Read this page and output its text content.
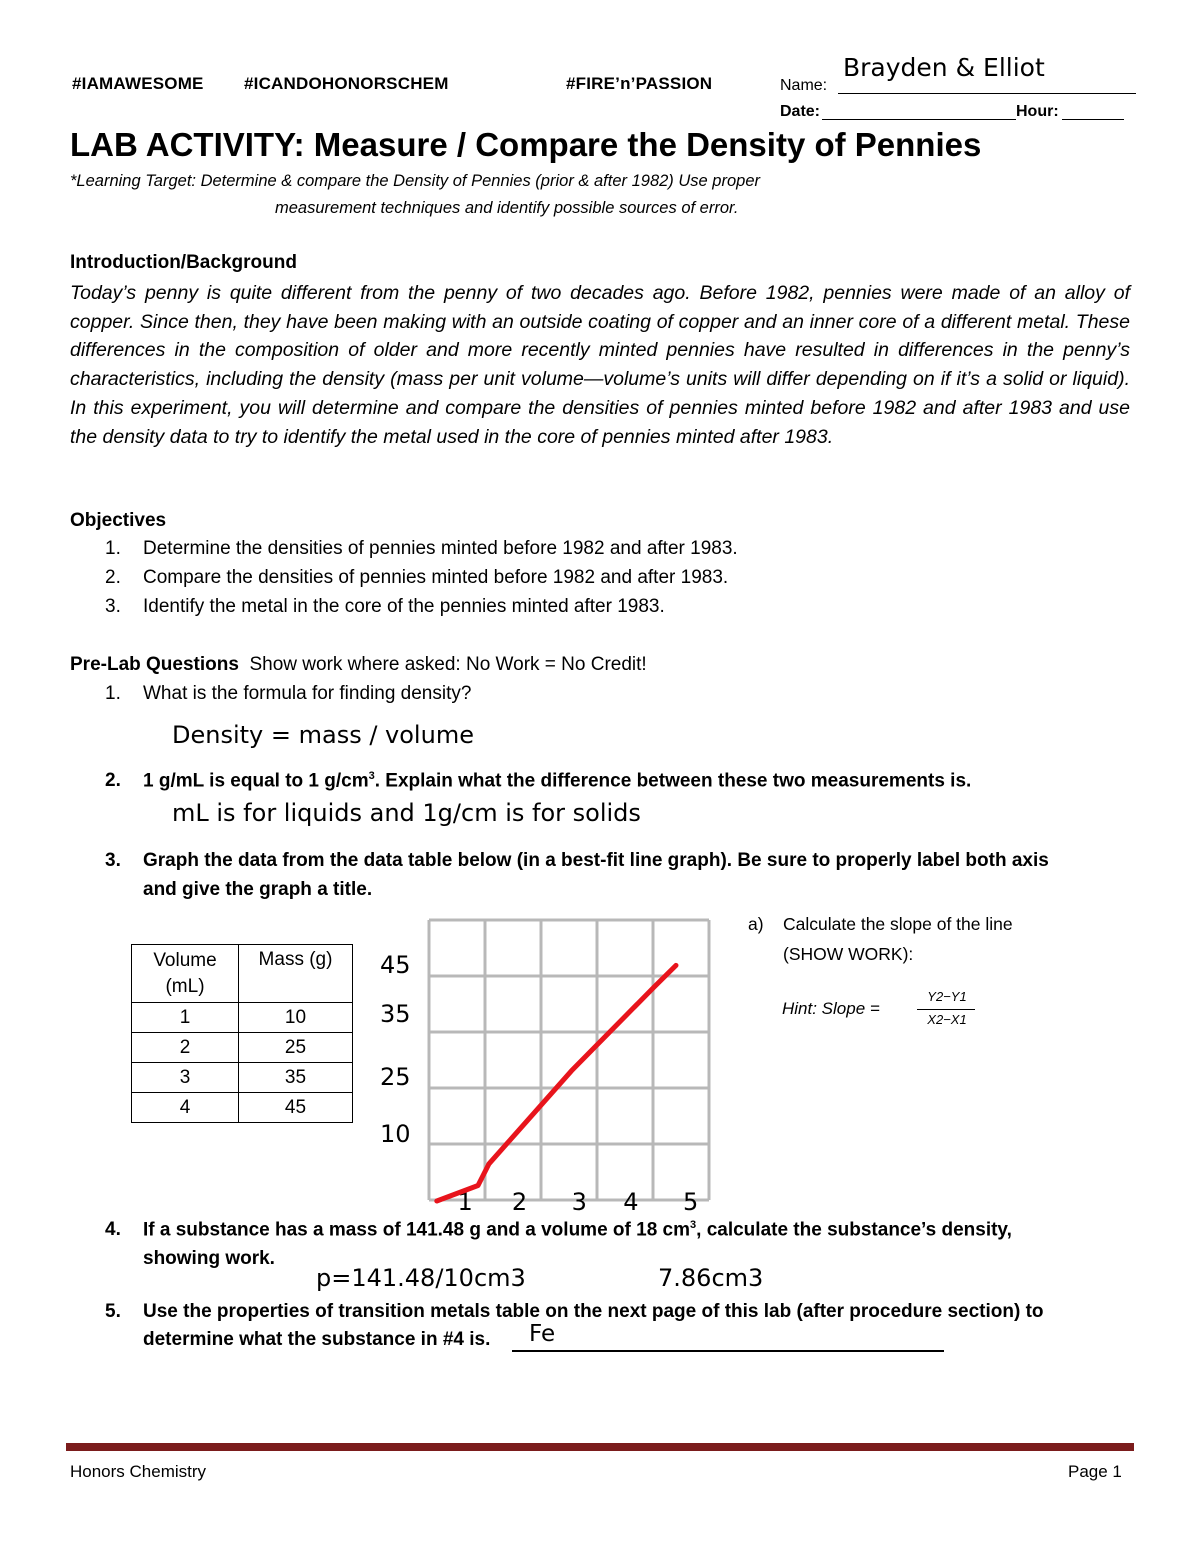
#IAMAWESOME #ICANDOHONORSCHEM	#FIRE’n’PASSION	Name:
Brayden & Elliot
Date:	Hour:
LAB ACTIVITY: Measure / Compare the Density of Pennies
*Learning Target: Determine & compare the Density of Pennies (prior & after 1982) Use proper
measurement techniques and identify possible sources of error.
Introduction/Background
Today’s penny is quite different from the penny of two decades ago. Before 1982, pennies were made of an alloy of copper. Since then, they have been making with an outside coating of copper and an inner core of a different metal. These differences in the composition of older and more recently minted pennies have resulted in differences in the penny’s characteristics, including the density (mass per unit volume—volume’s units will differ depending on if it’s a solid or liquid). In this experiment, you will determine and compare the densities of pennies minted before 1982 and after 1983 and use the density data to try to identify the metal used in the core of pennies minted after 1983.
Objectives
1. Determine the densities of pennies minted before 1982 and after 1983.
2. Compare the densities of pennies minted before 1982 and after 1983.
3. Identify the metal in the core of the pennies minted after 1983.
Pre-Lab Questions Show work where asked: No Work = No Credit!
1. What is the formula for finding density?
Density = mass / volume
2. 1 g/mL is equal to 1 $g/cm^3$. Explain what the difference between these two measurements is.
mL is for liquids and 1g/cm is for solids
3. Graph the data from the data table below (in a best-fit line graph). Be sure to properly label both axis
and give the graph a title.
Volume (mL)	Mass (g)
1	10
2	25
3	35
4	45
10
25
35
45
1 2 3 4 5
a) Calculate the slope of the line
(SHOW WORK):
Hint: Slope =
Y2−Y1
X2−X1
4. If a substance has a mass of 141.48 g and a volume of 18 $cm^3$, calculate the substance’s density,
showing work.
p=141.48/10cm3	7.86cm3
5. Use the properties of transition metals table on the next page of this lab (after procedure section) to
determine what the substance in #4 is. Fe
Honors Chemistry	Page 1
